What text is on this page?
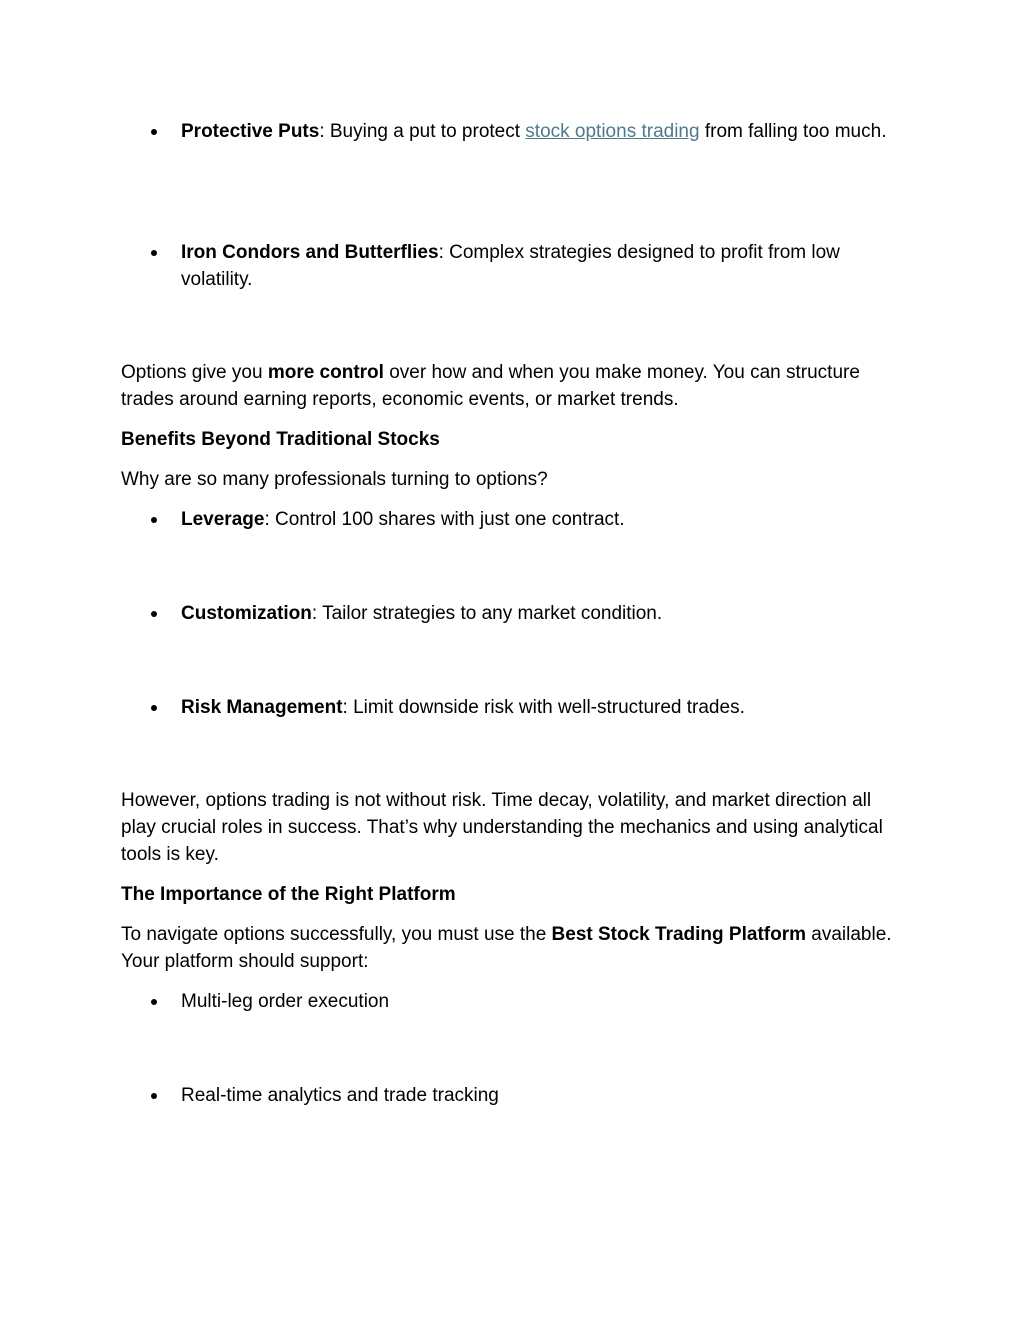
Protective Puts: Buying a put to protect stock options trading from falling too much.

Iron Condors and Butterflies: Complex strategies designed to profit from low volatility.

Options give you more control over how and when you make money. You can structure trades around earning reports, economic events, or market trends.

Benefits Beyond Traditional Stocks

Why are so many professionals turning to options?

Leverage: Control 100 shares with just one contract.

Customization: Tailor strategies to any market condition.

Risk Management: Limit downside risk with well-structured trades.

However, options trading is not without risk. Time decay, volatility, and market direction all play crucial roles in success. That’s why understanding the mechanics and using analytical tools is key.

The Importance of the Right Platform

To navigate options successfully, you must use the Best Stock Trading Platform available. Your platform should support:

Multi-leg order execution

Real-time analytics and trade tracking
